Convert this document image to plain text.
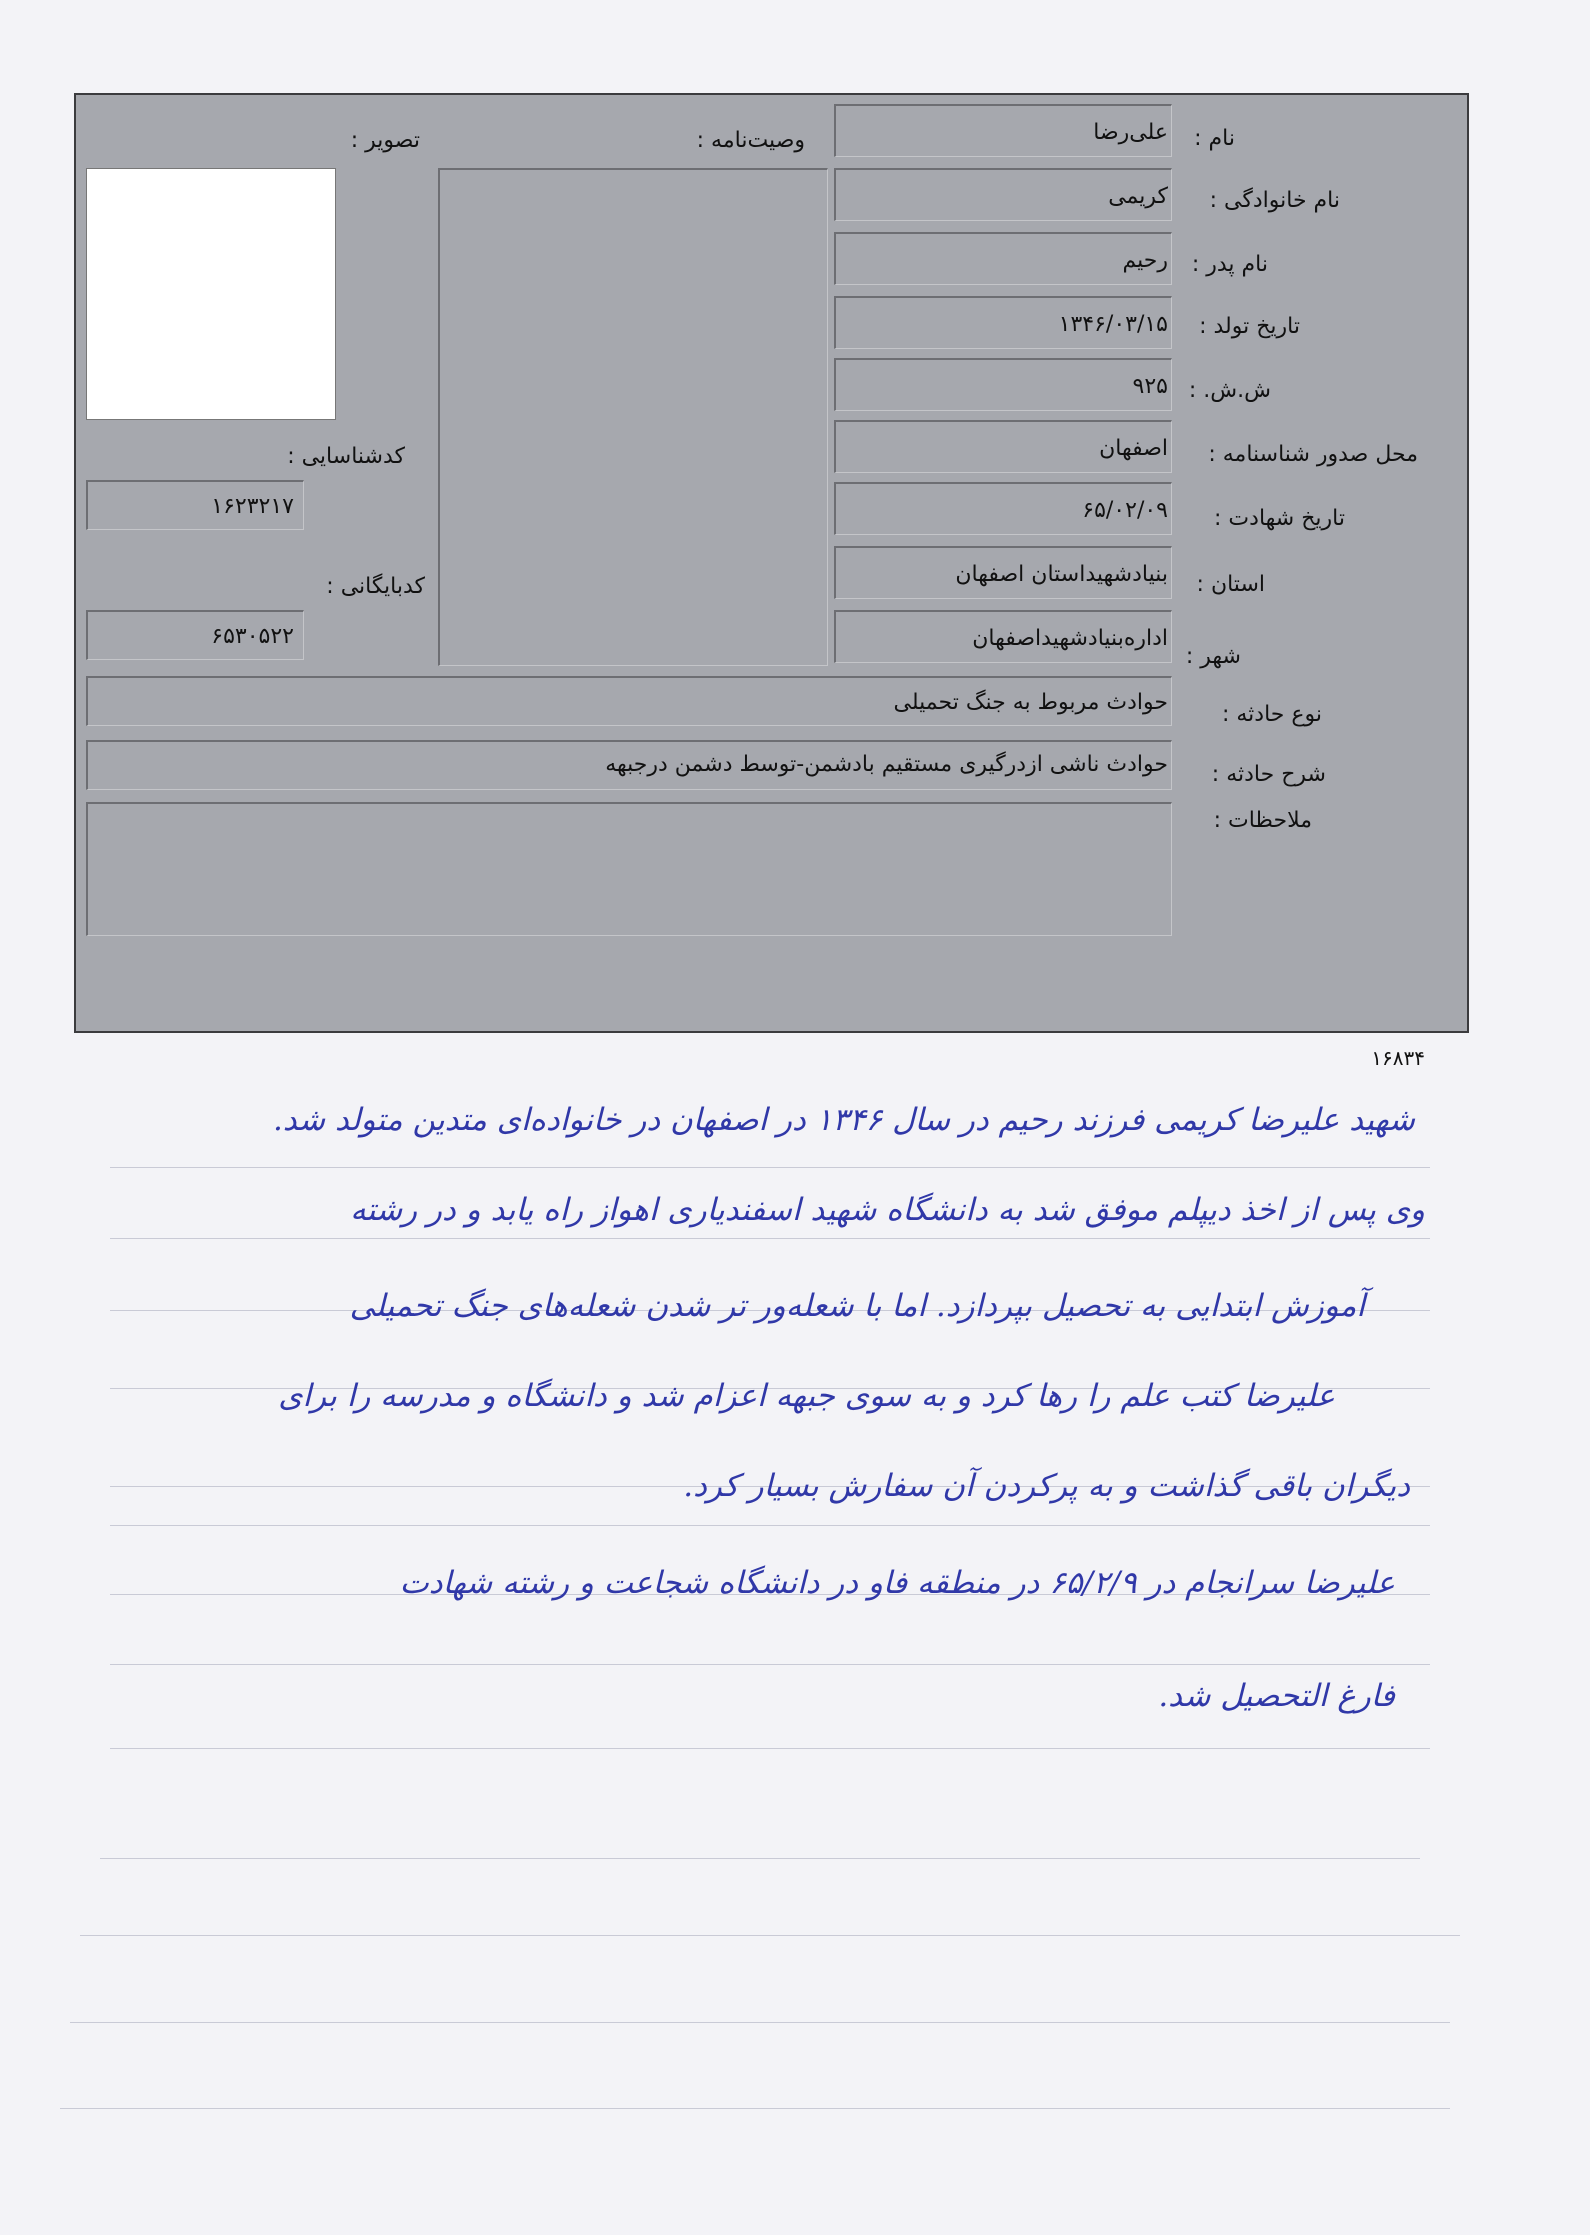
نام :
نام خانوادگی :
نام پدر :
تاریخ تولد :
ش.ش. :
محل صدور شناسنامه :
تاریخ شهادت :
استان :
شهر :
نوع حادثه :
شرح حادثه :
ملاحظات :
علی‌رضا
کریمی
رحیم
۱۳۴۶/۰۳/۱۵
۹۲۵
اصفهان
۶۵/۰۲/۰۹
بنیادشهیداستان اصفهان
اداره‌بنیادشهیداصفهان
حوادث مربوط به جنگ تحمیلی
حوادث ناشی ازدرگیری مستقیم بادشمن-توسط دشمن درجبهه
وصیت‌نامه :
تصویر :
کدشناسایی :
۱۶۲۳۲۱۷
کدبایگانی :
۶۵۳۰۵۲۲
۱۶۸۳۴
شهید علیرضا کریمی فرزند رحیم در سال ۱۳۴۶ در اصفهان در خانواده‌ای متدین متولد شد.
وی پس از اخذ دیپلم موفق شد به دانشگاه شهید اسفندیاری اهواز راه یابد و در رشته
آموزش ابتدایی به تحصیل بپردازد. اما با شعله‌ور تر شدن شعله‌های جنگ تحمیلی
علیرضا کتب علم را رها کرد و به سوی جبهه اعزام شد و دانشگاه و مدرسه را برای
دیگران باقی گذاشت و به پرکردن آن سفارش بسیار کرد.
علیرضا سرانجام در ۶۵/۲/۹ در منطقه فاو در دانشگاه شجاعت و رشته شهادت
فارغ التحصیل شد.
